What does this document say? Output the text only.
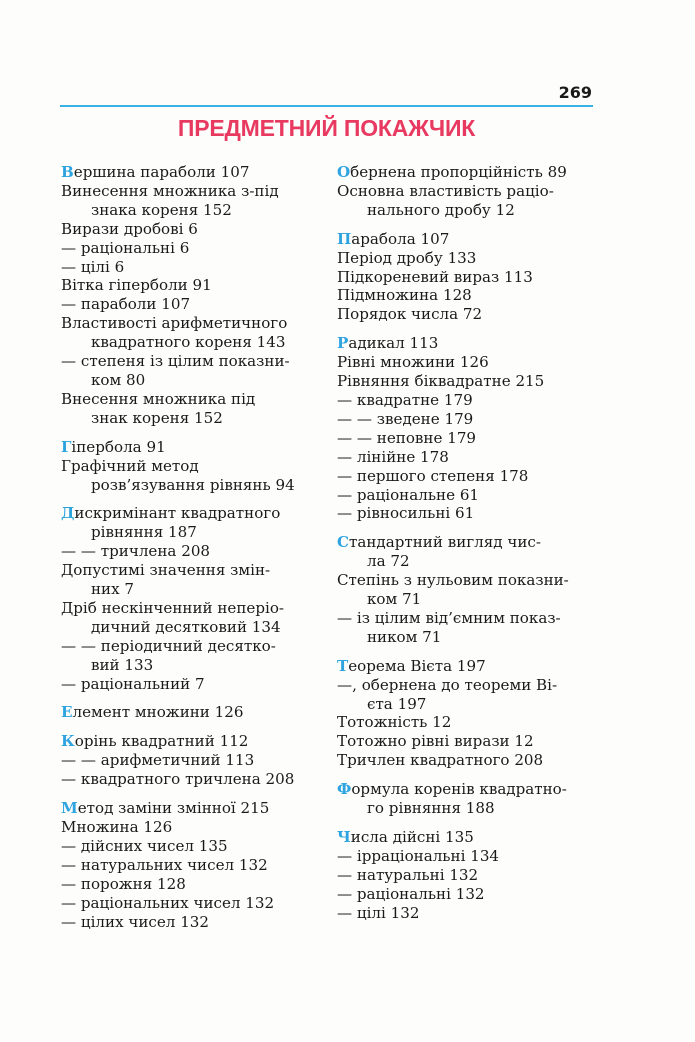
269
ПРЕДМЕТНИЙ ПОКАЖЧИК
Вершина параболи 107
Винесення множника з-під
знака кореня 152
Вирази дробові 6
— раціональні 6
— цілі 6
Вітка гіперболи 91
— параболи 107
Властивості арифметичного
квадратного кореня 143
— степеня із цілим показни-
ком 80
Внесення множника під
знак кореня 152
Гіпербола 91
Графічний метод
розв’язування рівнянь 94
Дискримінант квадратного
рівняння 187
— — тричлена 208
Допустимі значення змін-
них 7
Дріб нескінченний неперіо-
дичний десятковий 134
— — періодичний десятко-
вий 133
— раціональний 7
Елемент множини 126
Корінь квадратний 112
— — арифметичний 113
— квадратного тричлена 208
Метод заміни змінної 215
Множина 126
— дійсних чисел 135
— натуральних чисел 132
— порожня 128
— раціональних чисел 132
— цілих чисел 132
Обернена пропорційність 89
Основна властивість раціо-
нального дробу 12
Парабола 107
Період дробу 133
Підкореневий вираз 113
Підмножина 128
Порядок числа 72
Радикал 113
Рівні множини 126
Рівняння біквадратне 215
— квадратне 179
— — зведене 179
— — неповне 179
— лінійне 178
— першого степеня 178
— раціональне 61
— рівносильні 61
Стандартний вигляд чис-
ла 72
Степінь з нульовим показни-
ком 71
— із цілим від’ємним показ-
ником 71
Теорема Вієта 197
—, обернена до теореми Ві-
єта 197
Тотожність 12
Тотожно рівні вирази 12
Тричлен квадратного 208
Формула коренів квадратно-
го рівняння 188
Числа дійсні 135
— ірраціональні 134
— натуральні 132
— раціональні 132
— цілі 132
